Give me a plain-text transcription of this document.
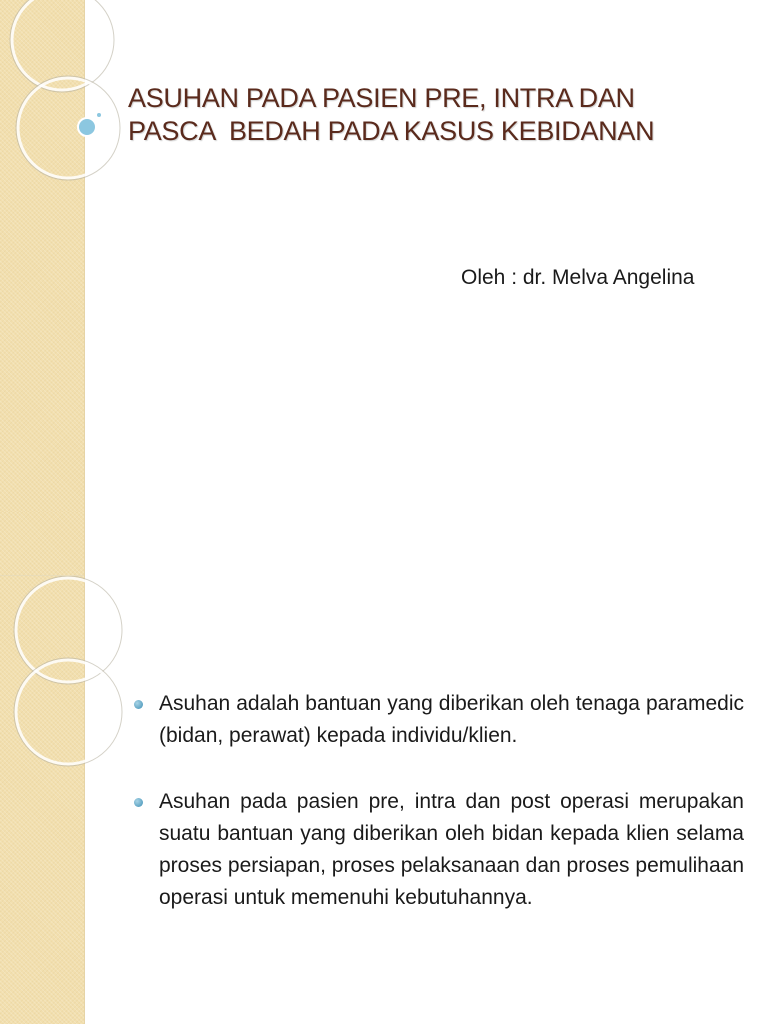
ASUHAN PADA PASIEN PRE, INTRA DAN
PASCA  BEDAH PADA KASUS KEBIDANAN
Oleh : dr. Melva Angelina
Asuhan adalah bantuan yang diberikan oleh tenaga paramedic (bidan, perawat) kepada individu/klien.
Asuhan pada pasien pre, intra dan post operasi merupakan suatu bantuan yang diberikan oleh bidan kepada klien selama proses persiapan, proses pelaksanaan dan proses pemulihaan operasi untuk memenuhi kebutuhannya.
